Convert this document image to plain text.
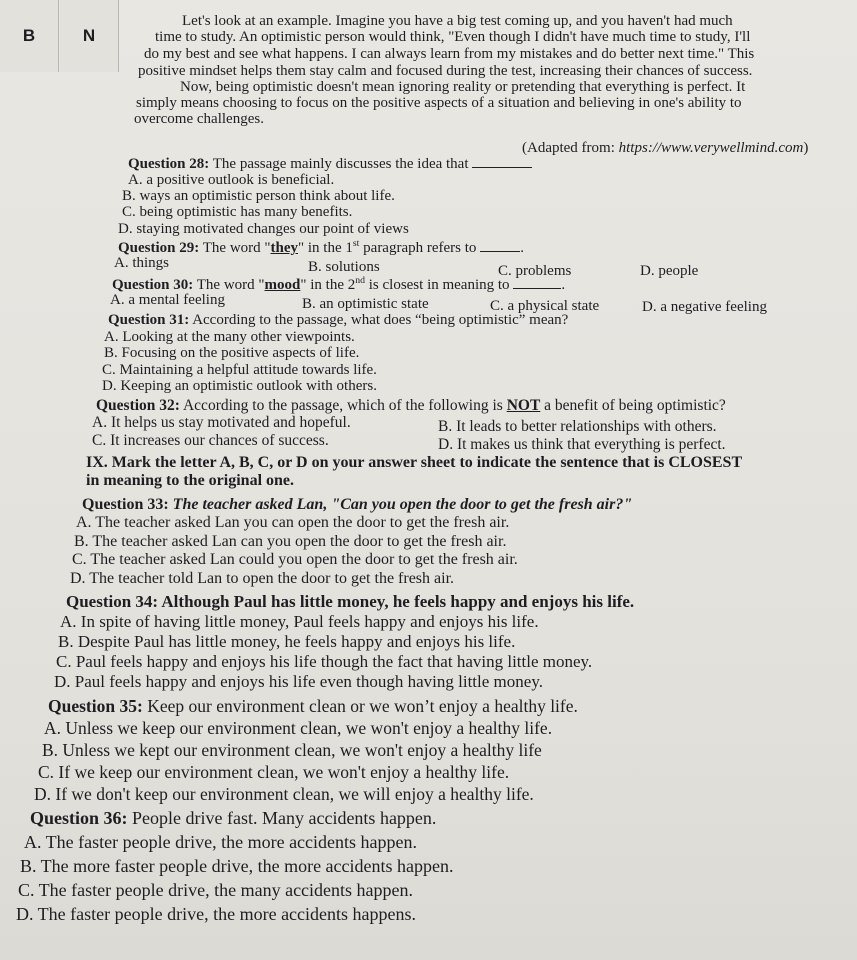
B	N
Let's look at an example. Imagine you have a big test coming up, and you haven't had much
time to study. An optimistic person would think, "Even though I didn't have much time to study, I'll
do my best and see what happens. I can always learn from my mistakes and do better next time." This
positive mindset helps them stay calm and focused during the test, increasing their chances of success.
Now, being optimistic doesn't mean ignoring reality or pretending that everything is perfect. It
simply means choosing to focus on the positive aspects of a situation and believing in one's ability to
overcome challenges.
(Adapted from: https://www.verywellmind.com)
Question 28: The passage mainly discusses the idea that
A. a positive outlook is beneficial.
B. ways an optimistic person think about life.
C. being optimistic has many benefits.
D. staying motivated changes our point of views
Question 29: The word "they" in the 1st paragraph refers to	.
A. things	B. solutions	C. problems	D. people
Question 30: The word "mood" in the 2nd is closest in meaning to	.
A. a mental feeling	B. an optimistic state	C. a physical state	D. a negative feeling
Question 31: According to the passage, what does “being optimistic” mean?
A. Looking at the many other viewpoints.
B. Focusing on the positive aspects of life.
C. Maintaining a helpful attitude towards life.
D. Keeping an optimistic outlook with others.
Question 32: According to the passage, which of the following is NOT a benefit of being optimistic?
A. It helps us stay motivated and hopeful.	B. It leads to better relationships with others.
C. It increases our chances of success.	D. It makes us think that everything is perfect.
IX. Mark the letter A, B, C, or D on your answer sheet to indicate the sentence that is CLOSEST
in meaning to the original one.
Question 33: The teacher asked Lan, "Can you open the door to get the fresh air?"
A. The teacher asked Lan you can open the door to get the fresh air.
B. The teacher asked Lan can you open the door to get the fresh air.
C. The teacher asked Lan could you open the door to get the fresh air.
D. The teacher told Lan to open the door to get the fresh air.
Question 34: Although Paul has little money, he feels happy and enjoys his life.
A. In spite of having little money, Paul feels happy and enjoys his life.
B. Despite Paul has little money, he feels happy and enjoys his life.
C. Paul feels happy and enjoys his life though the fact that having little money.
D. Paul feels happy and enjoys his life even though having little money.
Question 35: Keep our environment clean or we won’t enjoy a healthy life.
A. Unless we keep our environment clean, we won't enjoy a healthy life.
B. Unless we kept our environment clean, we won't enjoy a healthy life
C. If we keep our environment clean, we won't enjoy a healthy life.
D. If we don't keep our environment clean, we will enjoy a healthy life.
Question 36: People drive fast. Many accidents happen.
A. The faster people drive, the more accidents happen.
B. The more faster people drive, the more accidents happen.
C. The faster people drive, the many accidents happen.
D. The faster people drive, the more accidents happens.
